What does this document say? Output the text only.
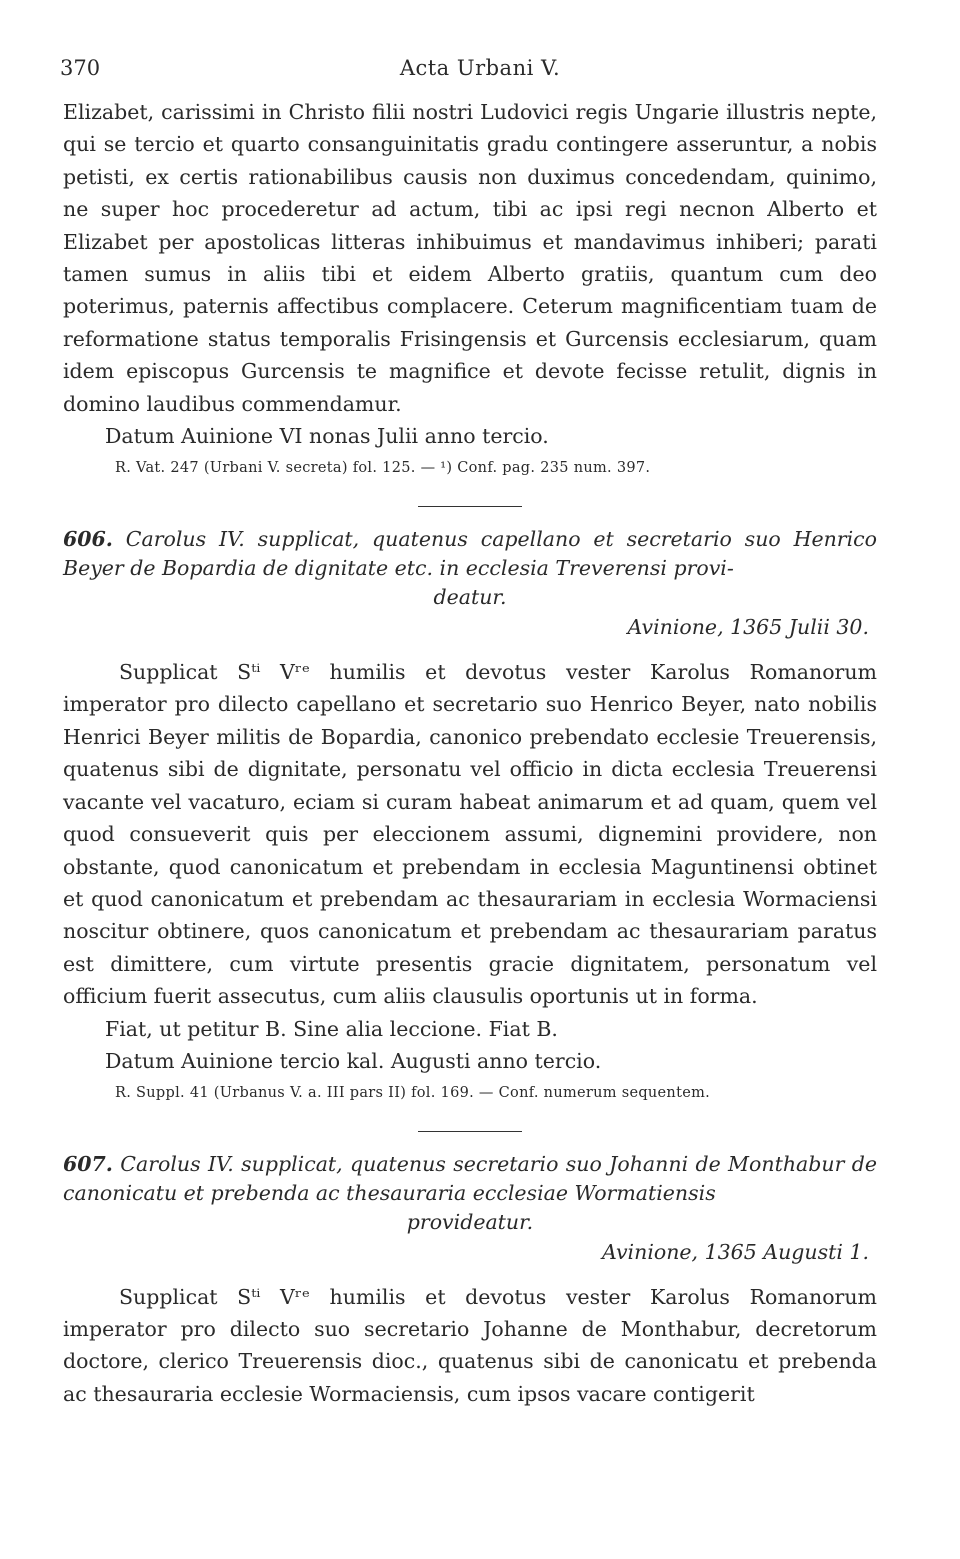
370	Acta Urbani V.

Elizabet, carissimi in Christo filii nostri Ludovici regis Ungarie illustris nepte, qui se tercio et quarto consanguinitatis gradu contingere asseruntur, a nobis petisti, ex certis rationabilibus causis non duximus concedendam, quinimo, ne super hoc procederetur ad actum, tibi ac ipsi regi necnon Alberto et Elizabet per apostolicas litteras inhibuimus et mandavimus inhiberi; parati tamen sumus in aliis tibi et eidem Alberto gratiis, quantum cum deo poterimus, paternis affectibus complacere. Ceterum magnificentiam tuam de reformatione status temporalis Frisingensis et Gurcensis ecclesiarum, quam idem episcopus Gurcensis te magnifice et devote fecisse retulit, dignis in domino laudibus commendamur.

Datum Auinione VI nonas Julii anno tercio.

R. Vat. 247 (Urbani V. secreta) fol. 125. — ¹) Conf. pag. 235 num. 397.

606. Carolus IV. supplicat, quatenus capellano et secretario suo Henrico Beyer de Bopardia de dignitate etc. in ecclesia Treverensi provi-
deatur.

Avinione, 1365 Julii 30.

Supplicat Sᵗⁱ Vʳᵉ humilis et devotus vester Karolus Romanorum imperator pro dilecto capellano et secretario suo Henrico Beyer, nato nobilis Henrici Beyer militis de Bopardia, canonico prebendato ecclesie Treuerensis, quatenus sibi de dignitate, personatu vel officio in dicta ecclesia Treuerensi vacante vel vacaturo, eciam si curam habeat animarum et ad quam, quem vel quod consueverit quis per eleccionem assumi, dignemini providere, non obstante, quod canonicatum et prebendam in ecclesia Maguntinensi obtinet et quod canonicatum et prebendam ac thesaurariam in ecclesia Wormaciensi noscitur obtinere, quos canonicatum et prebendam ac thesaurariam paratus est dimittere, cum virtute presentis gracie dignitatem, personatum vel officium fuerit assecutus, cum aliis clausulis oportunis ut in forma.

Fiat, ut petitur B. Sine alia leccione. Fiat B.

Datum Auinione tercio kal. Augusti anno tercio.

R. Suppl. 41 (Urbanus V. a. III pars II) fol. 169. — Conf. numerum sequentem.

607. Carolus IV. supplicat, quatenus secretario suo Johanni de Monthabur de canonicatu et prebenda ac thesauraria ecclesiae Wormatiensis
provideatur.

Avinione, 1365 Augusti 1.

Supplicat Sᵗⁱ Vʳᵉ humilis et devotus vester Karolus Romanorum imperator pro dilecto suo secretario Johanne de Monthabur, decretorum doctore, clerico Treuerensis dioc., quatenus sibi de canonicatu et prebenda ac thesauraria ecclesie Wormaciensis, cum ipsos vacare contigerit
